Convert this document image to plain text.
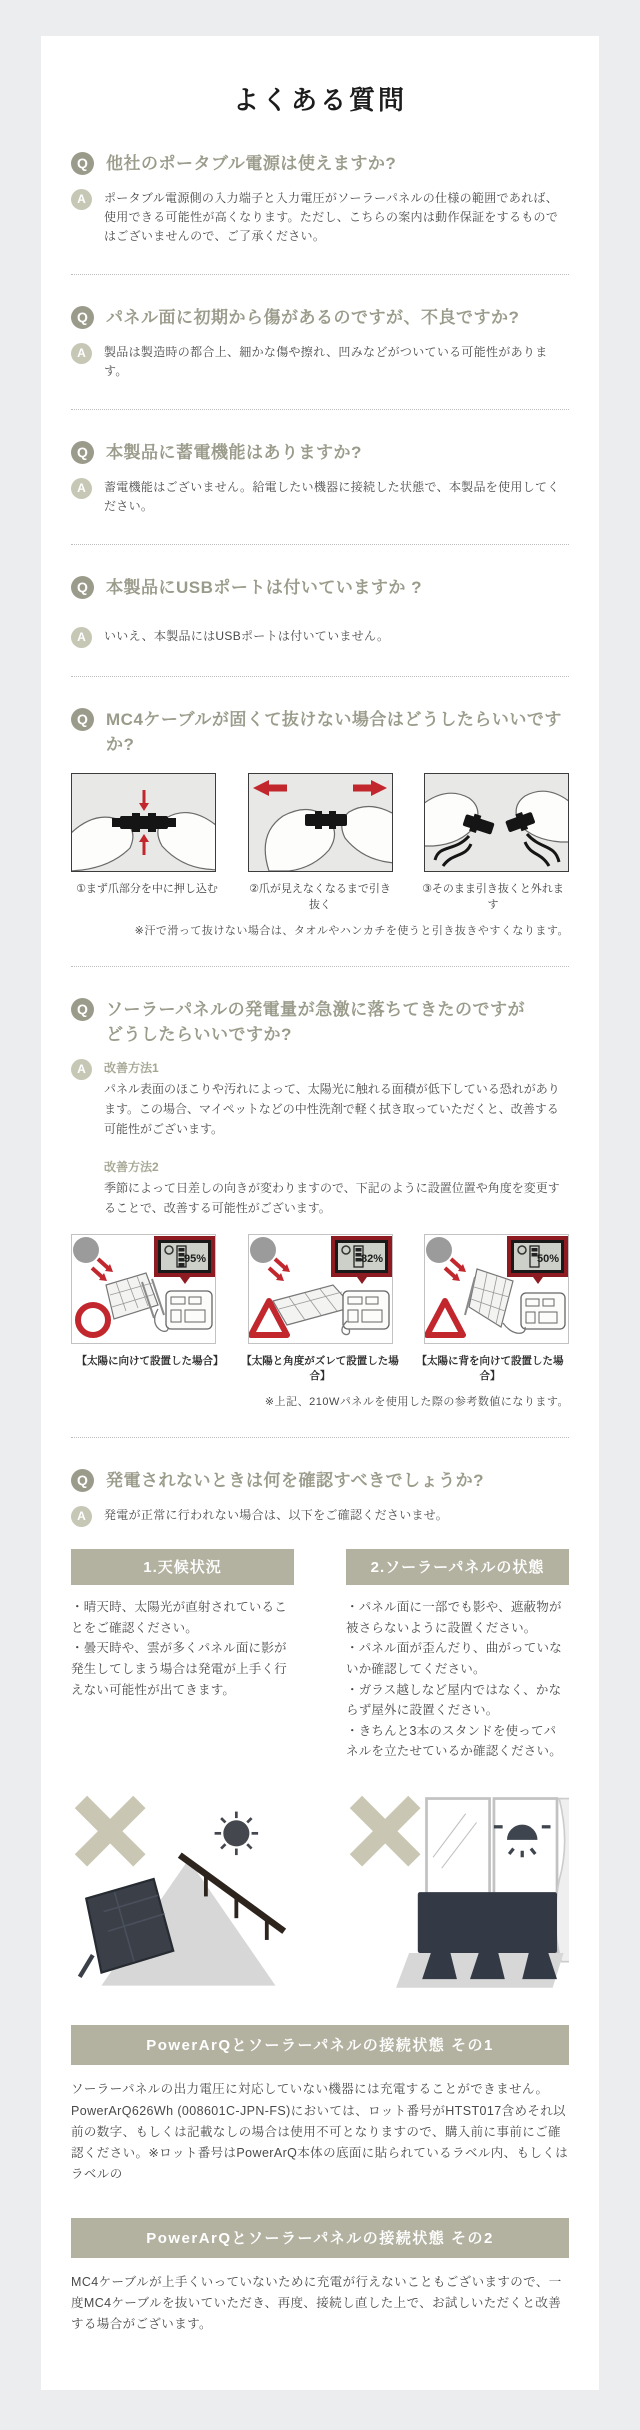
よくある質問
Q	他社のポータブル電源は使えますか?
A	ポータブル電源側の入力端子と入力電圧がソーラーパネルの仕様の範囲であれば、使用できる可能性が高くなります。ただし、こちらの案内は動作保証をするものではございませんので、ご了承ください。
Q	パネル面に初期から傷があるのですが、不良ですか?
A	製品は製造時の都合上、細かな傷や擦れ、凹みなどがついている可能性があります。
Q	本製品に蓄電機能はありますか?
A	蓄電機能はございません。給電したい機器に接続した状態で、本製品を使用してください。
Q	本製品にUSBポートは付いていますか ?
A	いいえ、本製品にはUSBポートは付いていません。
Q	MC4ケーブルが固くて抜けない場合はどうしたらいいですか?
①まず爪部分を中に押し込む	②爪が見えなくなるまで引き抜く
③そのまま引き抜くと外れます
※汗で滑って抜けない場合は、タオルやハンカチを使うと引き抜きやすくなります。
Q	ソーラーパネルの発電量が急激に落ちてきたのですが
どうしたらいいですか?
A	改善方法1
パネル表面のほこりや汚れによって、太陽光に触れる面積が低下している恐れがあります。この場合、マイペットなどの中性洗剤で軽く拭き取っていただくと、改善する可能性がございます。
改善方法2
季節によって日差しの向きが変わりますので、下記のように設置位置や角度を変更することで、改善する可能性がございます。
95%	82%	50%
【太陽に向けて設置した場合】	【太陽と角度がズレて設置した場合】
【太陽に背を向けて設置した場合】
※上記、210Wパネルを使用した際の参考数値になります。
Q	発電されないときは何を確認すべきでしょうか?
A	発電が正常に行われない場合は、以下をご確認くださいませ。
1.天候状況
・晴天時、太陽光が直射されていることをご確認ください。
・曇天時や、雲が多くパネル面に影が発生してしまう場合は発電が上手く行えない可能性が出てきます。
2.ソーラーパネルの状態
・パネル面に一部でも影や、遮蔽物が被さらないように設置ください。
・パネル面が歪んだり、曲がっていないか確認してください。
・ガラス越しなど屋内ではなく、かならず屋外に設置ください。
・きちんと3本のスタンドを使ってパネルを立たせているか確認ください。
PowerArQとソーラーパネルの接続状態 その1

ソーラーパネルの出力電圧に対応していない機器には充電することができません。PowerArQ626Wh (008601C-JPN-FS)においては、ロット番号がHTST017含めそれ以前の数字、もしくは記載なしの場合は使用不可となりますので、購入前に事前にご確認ください。※ロット番号はPowerArQ本体の底面に貼られているラベル内、もしくはラベルの

PowerArQとソーラーパネルの接続状態 その2

MC4ケーブルが上手くいっていないために充電が行えないこともございますので、一度MC4ケーブルを抜いていただき、再度、接続し直した上で、お試しいただくと改善する場合がございます。
